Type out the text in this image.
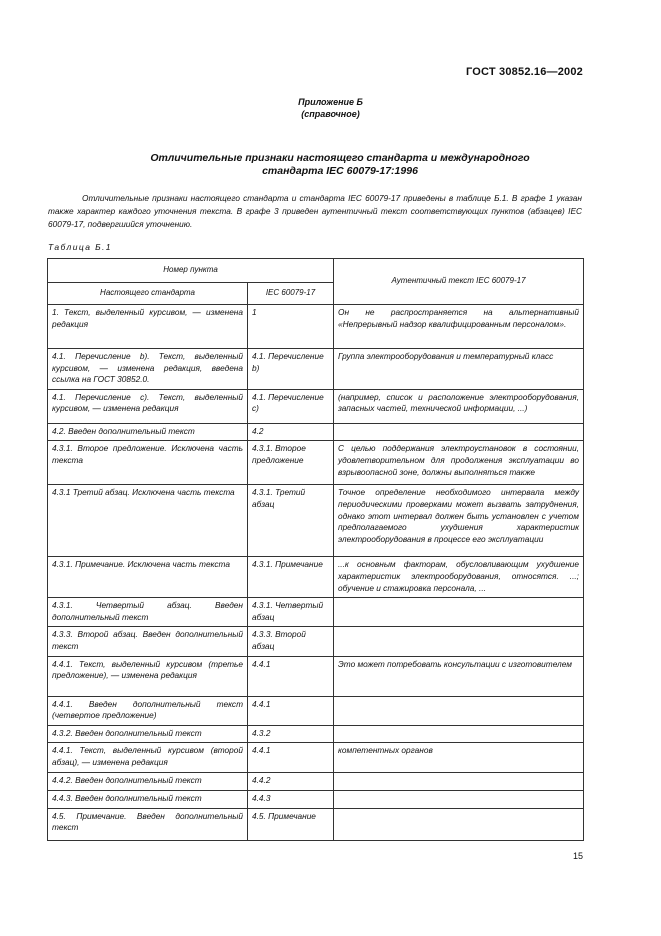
ГОСТ 30852.16—2002
Приложение Б
(справочное)
Отличительные признаки настоящего стандарта и международного
стандарта IEC 60079-17:1996
Отличительные признаки настоящего стандарта и стандарта IEC 60079-17 приведены в таблице Б.1. В графе 1 указан также характер каждого уточнения текста. В графе 3 приведен аутентичный текст соответствующих пунктов (абзацев) IEC 60079-17, подвергшийся уточнению.
Таблица Б.1
Номер пункта		Аутентичный текст IEC 60079-17
Настоящего стандарта	IEC 60079-17	
1. Текст, выделенный курсивом, — изменена редакция	1	Он не распространяется на альтернативный «Непрерывный надзор квалифицированным персоналом».
4.1. Перечисление b). Текст, выделенный курсивом, — изменена редакция, введена ссылка на ГОСТ 30852.0.	4.1. Перечисление b)	Группа электрооборудования и температурный класс
4.1. Перечисление с). Текст, выделенный курсивом, — изменена редакция	4.1. Перечисление с)	(например, список и расположение электрооборудования, запасных частей, технической информации, ...)
4.2. Введен дополнительный текст	4.2	
4.3.1. Второе предложение. Исключена часть текста	4.3.1. Второе предложение	С целью поддержания электроустановок в состоянии, удовлетворительном для продолжения эксплуатации во взрывоопасной зоне, должны выполняться также
4.3.1 Третий абзац. Исключена часть текста	4.3.1. Третий абзац	Точное определение необходимого интервала между периодическими проверками может вызвать затруднения, однако этот интервал должен быть установлен с учетом предполагаемого ухудшения характеристик электрооборудования в процессе его эксплуатации
4.3.1. Примечание. Исключена часть текста	4.3.1. Примечание	...к основным факторам, обусловливающим ухудшение характеристик электрооборудования, относятся. ...; обучение и стажировка персонала, ...
4.3.1. Четвертый абзац. Введен дополнительный текст	4.3.1. Четвертый абзац	
4.3.3. Второй абзац. Введен дополнительный текст	4.3.3. Второй абзац	
4.4.1. Текст, выделенный курсивом (третье предложение), — изменена редакция	4.4.1	Это может потребовать консультации с изготовителем
4.4.1. Введен дополнительный текст (четвертое предложение)	4.4.1	
4.3.2. Введен дополнительный текст	4.3.2	
4.4.1. Текст, выделенный курсивом (второй абзац), — изменена редакция	4.4.1	компетентных органов
4.4.2. Введен дополнительный текст	4.4.2	
4.4.3. Введен дополнительный текст	4.4.3	
4.5. Примечание. Введен дополнительный текст	4.5. Примечание	
15
